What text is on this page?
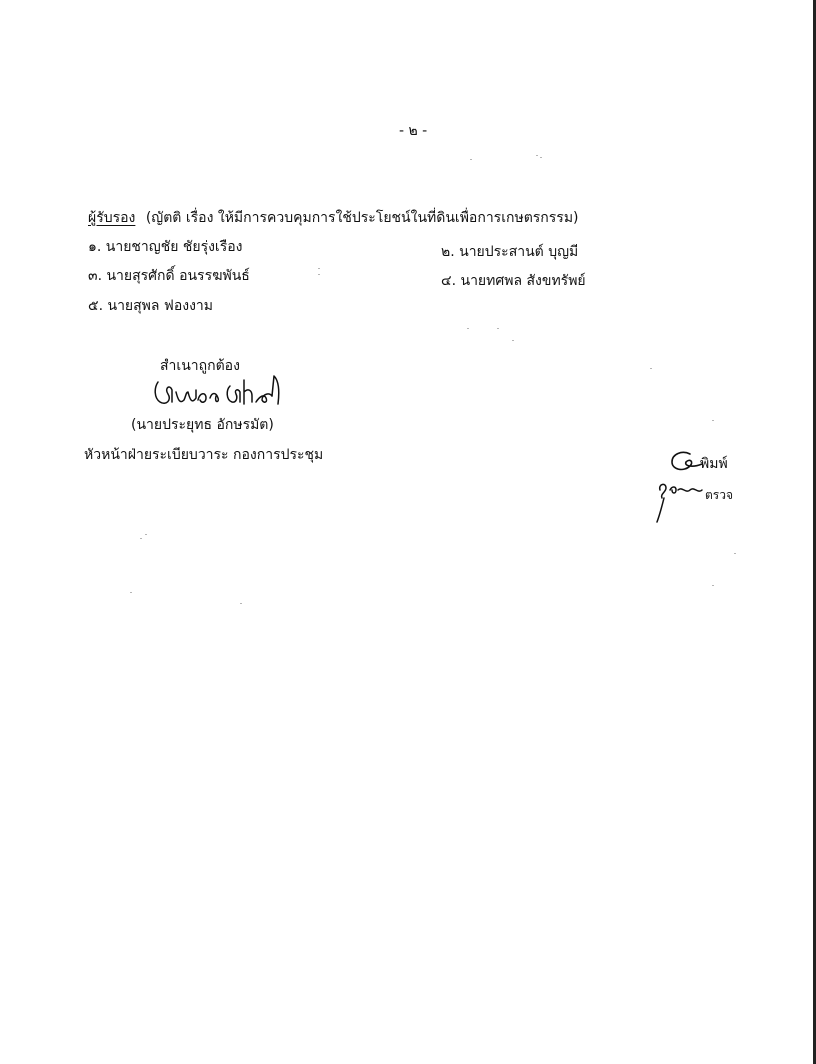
- ๒ -
ผู้รับรอง (ญัตติ เรื่อง ให้มีการควบคุมการใช้ประโยชน์ในที่ดินเพื่อการเกษตรกรรม)
๑. นายชาญชัย ชัยรุ่งเรือง	๒. นายประสานต์ บุญมี
๓. นายสุรศักดิ์ อนรรฆพันธ์	๔. นายทศพล สังขทรัพย์
๕. นายสุพล ฟองงาม
สำเนาถูกต้อง
(นายประยุทธ อักษรมัต)
หัวหน้าฝ่ายระเบียบวาระ กองการประชุม
พิมพ์
ตรวจ
